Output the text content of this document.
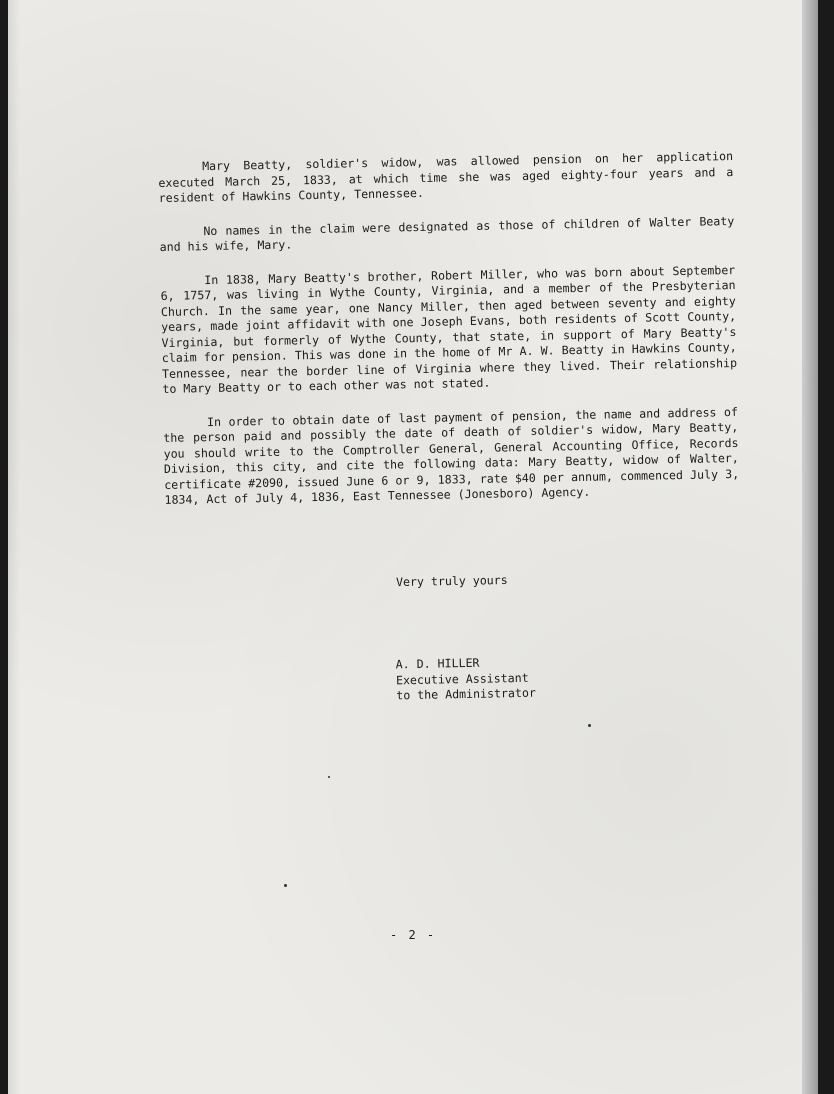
Mary Beatty, soldier's widow, was allowed pension on her application executed March 25, 1833, at which time she was aged eighty-four years and a resident of Hawkins County, Tennessee.

No names in the claim were designated as those of children of Walter Beaty and his wife, Mary.

In 1838, Mary Beatty's brother, Robert Miller, who was born about September 6, 1757, was living in Wythe County, Virginia, and a member of the Presbyterian Church. In the same year, one Nancy Miller, then aged between seventy and eighty years, made joint affidavit with one Joseph Evans, both residents of Scott County, Virginia, but formerly of Wythe County, that state, in support of Mary Beatty's claim for pension. This was done in the home of Mr A. W. Beatty in Hawkins County, Tennessee, near the border line of Virginia where they lived. Their relationship to Mary Beatty or to each other was not stated.

In order to obtain date of last payment of pension, the name and address of the person paid and possibly the date of death of soldier's widow, Mary Beatty, you should write to the Comptroller General, General Accounting Office, Records Division, this city, and cite the following data: Mary Beatty, widow of Walter, certificate #2090, issued June 6 or 9, 1833, rate $40 per annum, commenced July 3, 1834, Act of July 4, 1836, East Tennessee (Jonesboro) Agency.

Very truly yours
A. D. HILLER
Executive Assistant
to the Administrator
- 2 -
